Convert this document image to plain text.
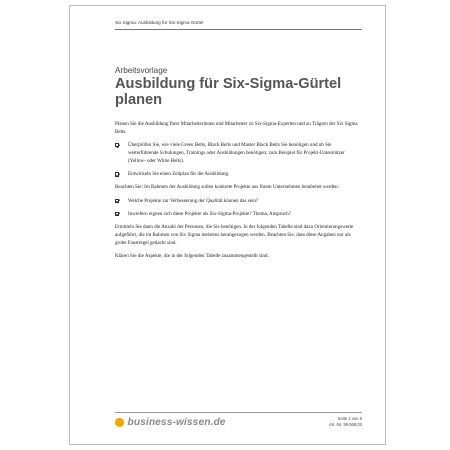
Six Sigma: Ausbildung für Six-Sigma Gürtel
Arbeitsvorlage
Ausbildung für Six-Sigma-Gürtel planen

Planen Sie die Ausbildung Ihrer Mitarbeiterinnen und Mitarbeiter zu Six-Sigma-Experten und zu Trägern der Six Sigma Belts.

Überprüfen Sie, wie viele Green Belts, Black Belts und Master Black Belts Sie benötigen und ob Sie weiterführende Schulungen, Trainings oder Ausbildungen benötigen; zum Beispiel für Projekt-Unterstützer (Yellow- oder White Belts).
Entwickeln Sie einen Zeitplan für die Ausbildung.

Beachten Sie: Im Rahmen der Ausbildung sollen konkrete Projekte aus Ihrem Unternehmen bearbeitet werden.

Welche Projekte zur Verbesserung der Qualität können das sein?
Inwiefern eignen sich diese Projekte als Six-Sigma-Projekte? Thema, Anspruch?

Ermitteln Sie dann die Anzahl der Personen, die Sie benötigen. In der folgenden Tabelle sind dazu Orientierungswerte aufgeführt, die im Rahmen von Six Sigma meistens herangezogen werden. Beachten Sie, dass diese Angaben nur als grobe Faustregel gedacht sind.

Klären Sie die Aspekte, die in der folgenden Tabelle zusammengestellt sind.

business-wissen.de	Seite 1 von 6
Art.-Nr. 99.068.03
